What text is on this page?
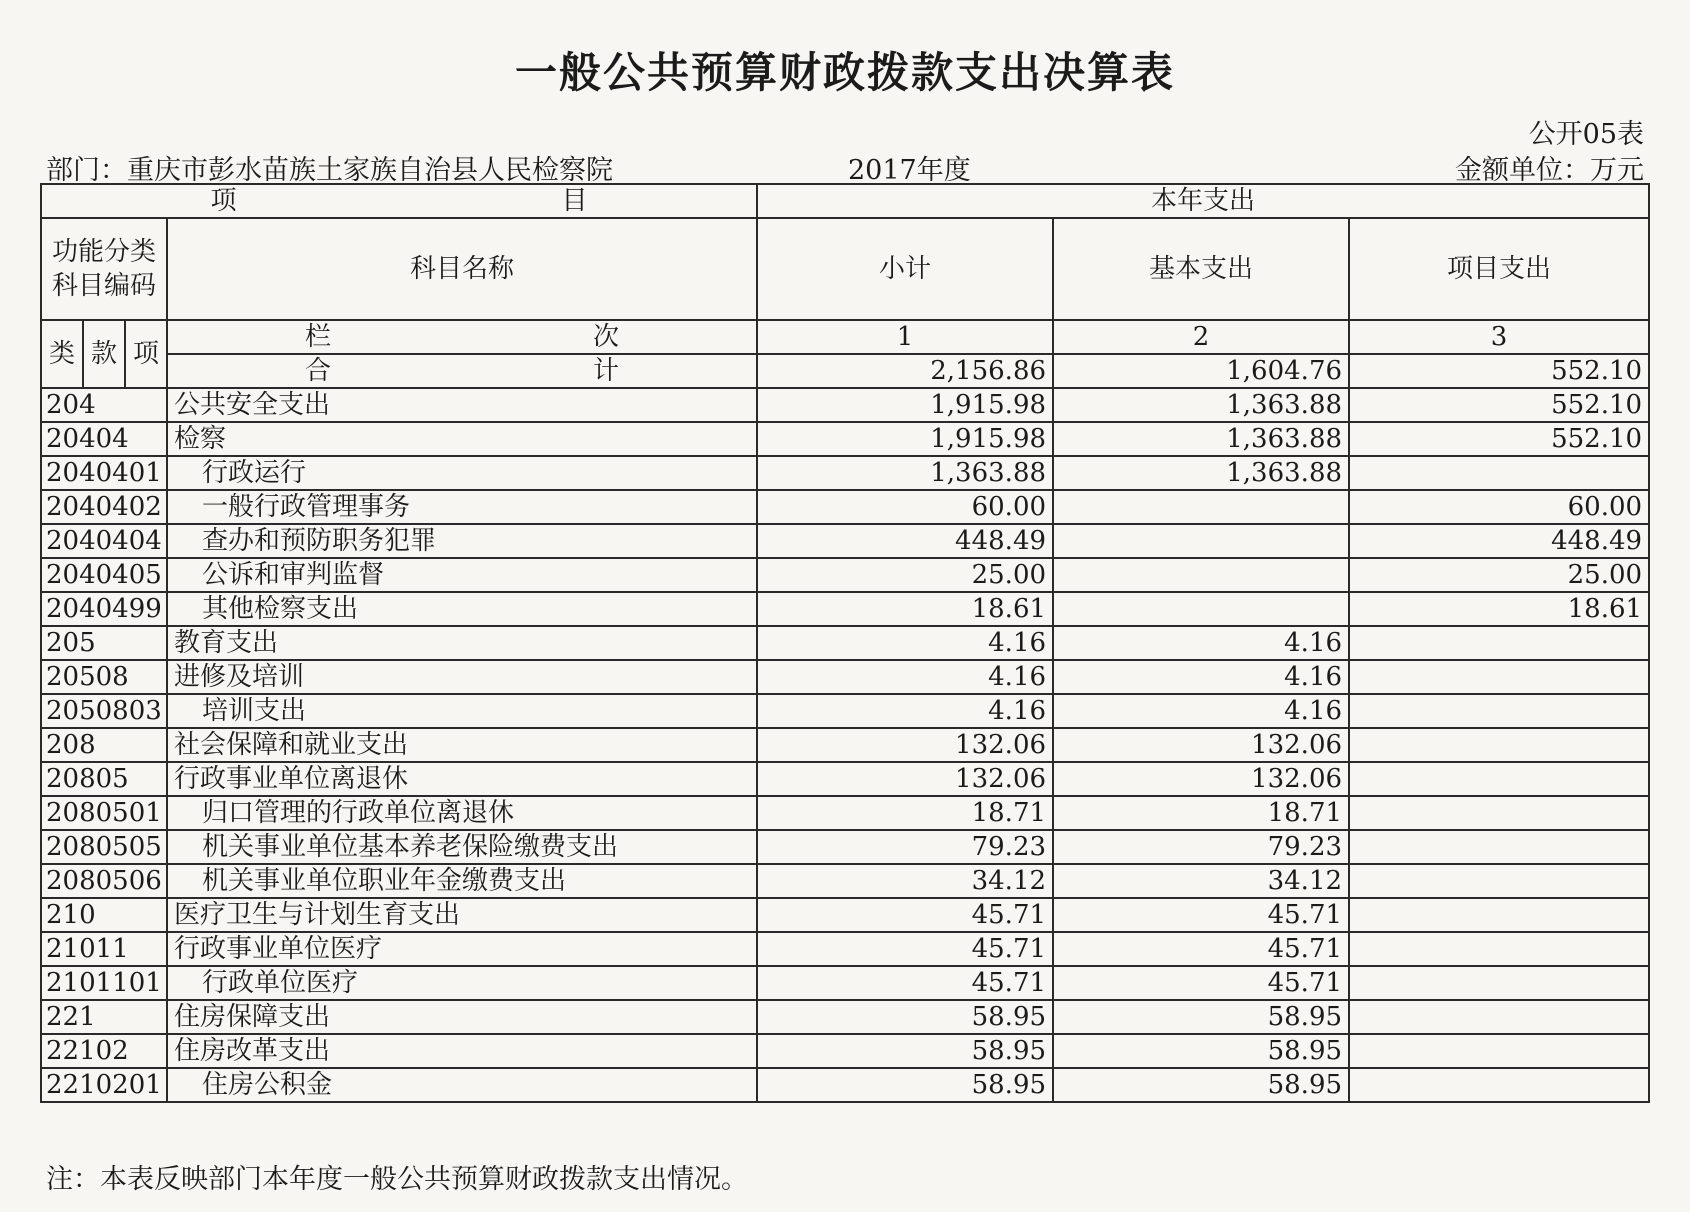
一般公共预算财政拨款支出决算表
公开05表
部门：重庆市彭水苗族土家族自治县人民检察院	2017年度	金额单位：万元
项 目				本年支出		
功能分类科目编码			科目名称	小计	基本支出	项目支出
类	款	项	栏 次	1	2	3

			合 计	2,156.86	1,604.76	552.10
204			公共安全支出	1,915.98	1,363.88	552.10
20404			检察	1,915.98	1,363.88	552.10
2040401			行政运行	1,363.88	1,363.88	
2040402			一般行政管理事务	60.00		60.00
2040404			查办和预防职务犯罪	448.49		448.49
2040405			公诉和审判监督	25.00		25.00
2040499			其他检察支出	18.61		18.61
205			教育支出	4.16	4.16	
20508			进修及培训	4.16	4.16	
2050803			培训支出	4.16	4.16	
208			社会保障和就业支出	132.06	132.06	
20805			行政事业单位离退休	132.06	132.06	
2080501			归口管理的行政单位离退休	18.71	18.71	
2080505			机关事业单位基本养老保险缴费支出	79.23	79.23	
2080506			机关事业单位职业年金缴费支出	34.12	34.12	
210			医疗卫生与计划生育支出	45.71	45.71	
21011			行政事业单位医疗	45.71	45.71	
2101101			行政单位医疗	45.71	45.71	
221			住房保障支出	58.95	58.95	
22102			住房改革支出	58.95	58.95	
2210201			住房公积金	58.95	58.95	
注：本表反映部门本年度一般公共预算财政拨款支出情况。
